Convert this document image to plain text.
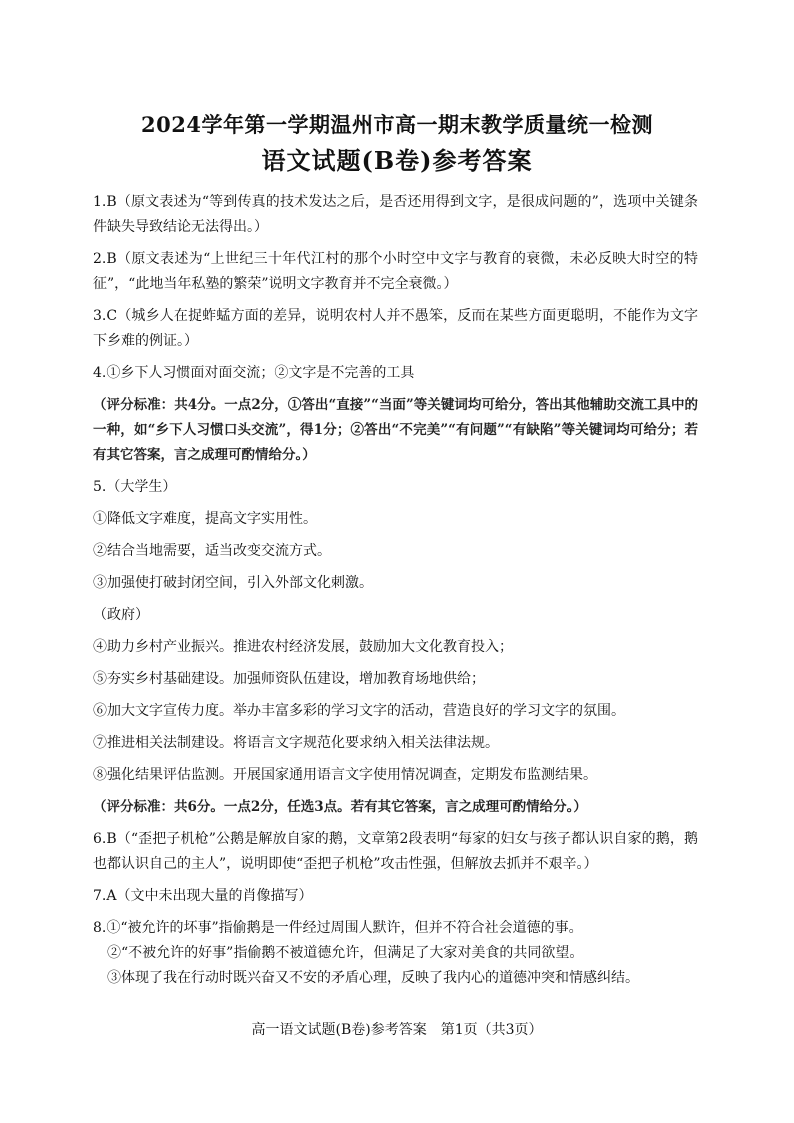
2024学年第一学期温州市高一期末教学质量统一检测
语文试题(B卷)参考答案

1.B（原文表述为“等到传真的技术发达之后，是否还用得到文字，是很成问题的”，选项中关键条件缺失导致结论无法得出。）

2.B（原文表述为“上世纪三十年代江村的那个小时空中文字与教育的衰微，未必反映大时空的特征”，“此地当年私塾的繁荣”说明文字教育并不完全衰微。）

3.C（城乡人在捉蚱蜢方面的差异，说明农村人并不愚笨，反而在某些方面更聪明，不能作为文字下乡难的例证。）

4.①乡下人习惯面对面交流；②文字是不完善的工具

（评分标准：共4分。一点2分，①答出“直接”“当面”等关键词均可给分，答出其他辅助交流工具中的一种，如“乡下人习惯口头交流”，得1分；②答出“不完美”“有问题”“有缺陷”等关键词均可给分；若有其它答案，言之成理可酌情给分。）

5.（大学生）

①降低文字难度，提高文字实用性。

②结合当地需要，适当改变交流方式。

③加强使打破封闭空间，引入外部文化刺激。

（政府）

④助力乡村产业振兴。推进农村经济发展，鼓励加大文化教育投入；

⑤夯实乡村基础建设。加强师资队伍建设，增加教育场地供给；

⑥加大文字宣传力度。举办丰富多彩的学习文字的活动，营造良好的学习文字的氛围。

⑦推进相关法制建设。将语言文字规范化要求纳入相关法律法规。

⑧强化结果评估监测。开展国家通用语言文字使用情况调查，定期发布监测结果。

（评分标准：共6分。一点2分，任选3点。若有其它答案，言之成理可酌情给分。）

6.B（“歪把子机枪”公鹅是解放自家的鹅，文章第2段表明“每家的妇女与孩子都认识自家的鹅，鹅也都认识自己的主人”，说明即使“歪把子机枪”攻击性强，但解放去抓并不艰辛。）

7.A（文中未出现大量的肖像描写）

8.①“被允许的坏事”指偷鹅是一件经过周围人默许，但并不符合社会道德的事。

②“不被允许的好事”指偷鹅不被道德允许，但满足了大家对美食的共同欲望。

③体现了我在行动时既兴奋又不安的矛盾心理，反映了我内心的道德冲突和情感纠结。

高一语文试题(B卷)参考答案　第1页（共3页）
